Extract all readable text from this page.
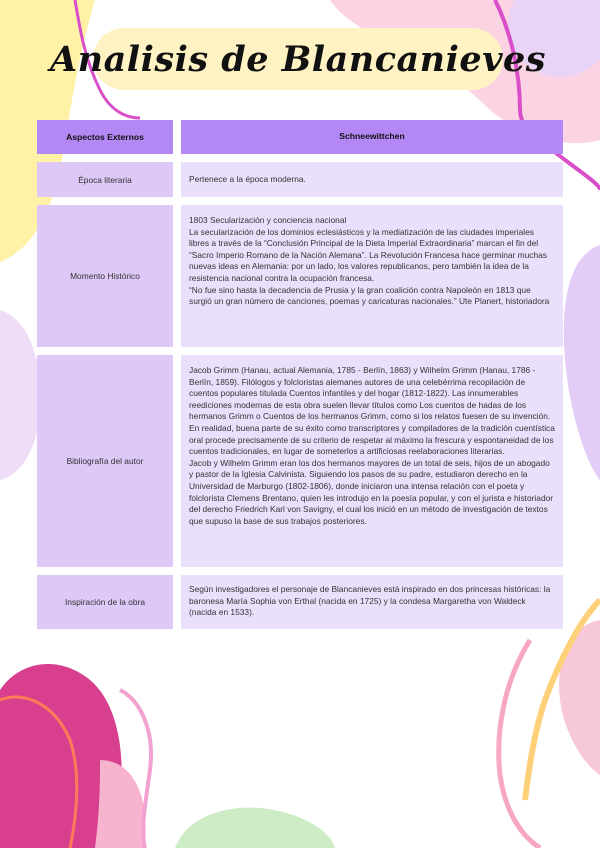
Analisis de Blancanieves
Aspectos Externos	Schneewittchen
Época literaria	Pertenece a la época moderna.
Momento Histórico

1803 Secularización y conciencia nacional

La secularización de los dominios eclesiásticos y la mediatización de las ciudades imperiales libres a través de la “Conclusión Principal de la Dieta Imperial Extraordinaria” marcan el fin del “Sacro Imperio Romano de la Nación Alemana”. La Revolución Francesa hace germinar muchas nuevas ideas en Alemania: por un lado, los valores republicanos, pero también la idea de la resistencia nacional contra la ocupación francesa.

“No fue sino hasta la decadencia de Prusia y la gran coalición contra Napoleón en 1813 que surgió un gran número de canciones, poemas y caricaturas nacionales.” Ute Planert, historiadora

Bibliografía del autor

Jacob Grimm (Hanau, actual Alemania, 1785 - Berlín, 1863) y Wilhelm Grimm (Hanau, 1786 - Berlín, 1859). Filólogos y folcloristas alemanes autores de una celebérrima recopilación de cuentos populares titulada Cuentos infantiles y del hogar (1812-1822). Las innumerables reediciones modernas de esta obra suelen llevar títulos como Los cuentos de hadas de los hermanos Grimm o Cuentos de los hermanos Grimm, como si los relatos fuesen de su invención. En realidad, buena parte de su éxito como transcriptores y compiladores de la tradición cuentística oral procede precisamente de su criterio de respetar al máximo la frescura y espontaneidad de los cuentos tradicionales, en lugar de someterlos a artificiosas reelaboraciones literarias.

Jacob y Wilhelm Grimm eran los dos hermanos mayores de un total de seis, hijos de un abogado y pastor de la Iglesia Calvinista. Siguiendo los pasos de su padre, estudiaron derecho en la Universidad de Marburgo (1802-1806), donde iniciaron una intensa relación con el poeta y folclorista Clemens Brentano, quien les introdujo en la poesía popular, y con el jurista e historiador del derecho Friedrich Karl von Savigny, el cual los inició en un método de investigación de textos que supuso la base de sus trabajos posteriores.

Inspiración de la obra

Según investigadores el personaje de Blancanieves está inspirado en dos princesas históricas: la baronesa María Sophia von Erthal (nacida en 1725) y la condesa Margaretha von Waldeck (nacida en 1533).
